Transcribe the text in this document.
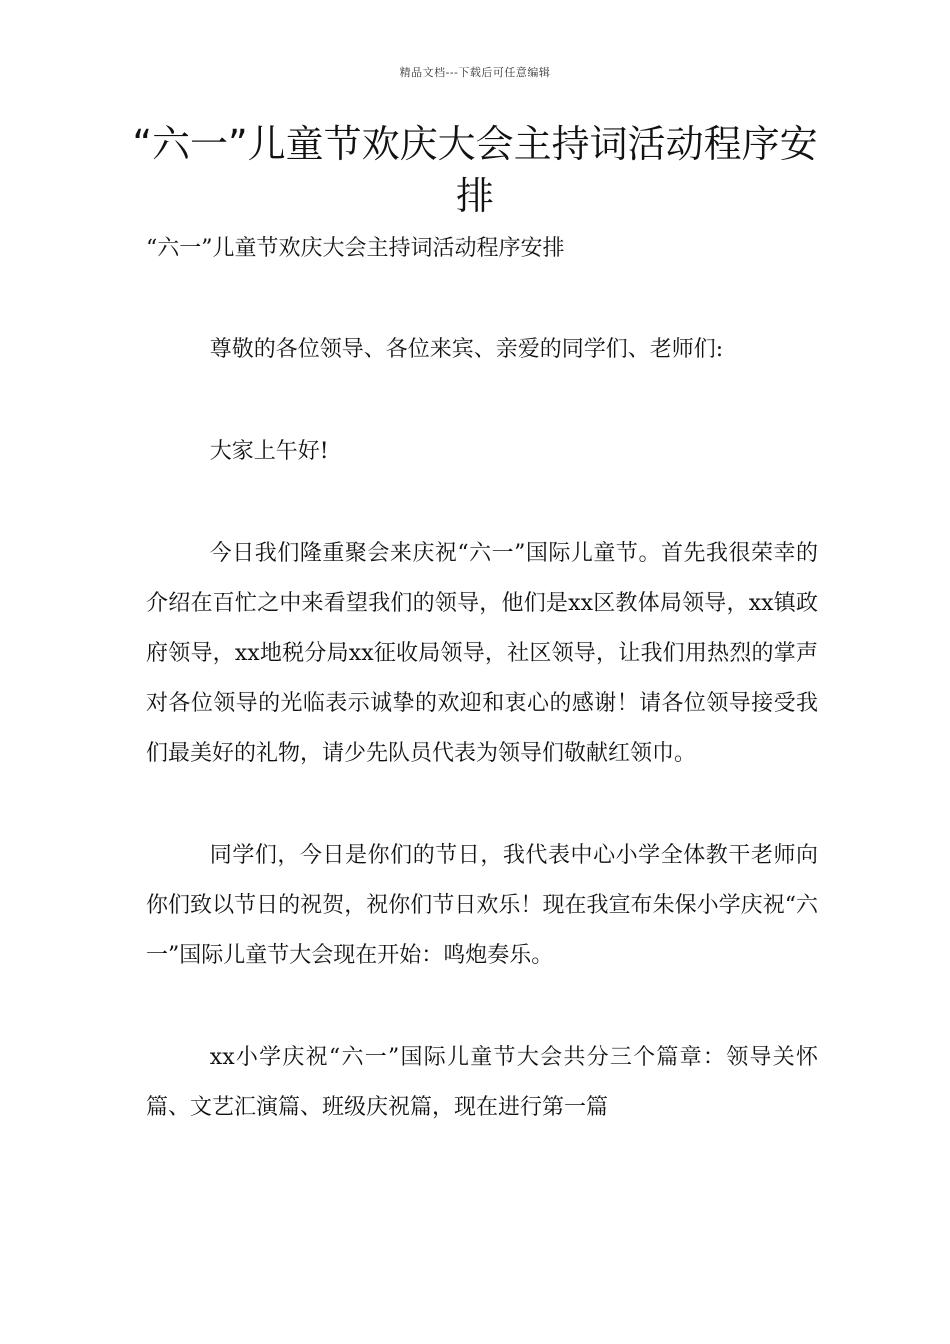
精品文档---下载后可任意编辑
“六一”儿童节欢庆大会主持词活动程序安排

“六一”儿童节欢庆大会主持词活动程序安排

尊敬的各位领导、各位来宾、亲爱的同学们、老师们:

大家上午好!

今日我们隆重聚会来庆祝“六一”国际儿童节。首先我很荣幸的介绍在百忙之中来看望我们的领导，他们是xx区教体局领导，xx镇政府领导，xx地税分局xx征收局领导，社区领导，让我们用热烈的掌声对各位领导的光临表示诚挚的欢迎和衷心的感谢！请各位领导接受我们最美好的礼物，请少先队员代表为领导们敬献红领巾。

同学们，今日是你们的节日，我代表中心小学全体教干老师向你们致以节日的祝贺，祝你们节日欢乐！现在我宣布朱保小学庆祝“六一”国际儿童节大会现在开始：鸣炮奏乐。

xx小学庆祝“六一”国际儿童节大会共分三个篇章：领导关怀篇、文艺汇演篇、班级庆祝篇，现在进行第一篇
